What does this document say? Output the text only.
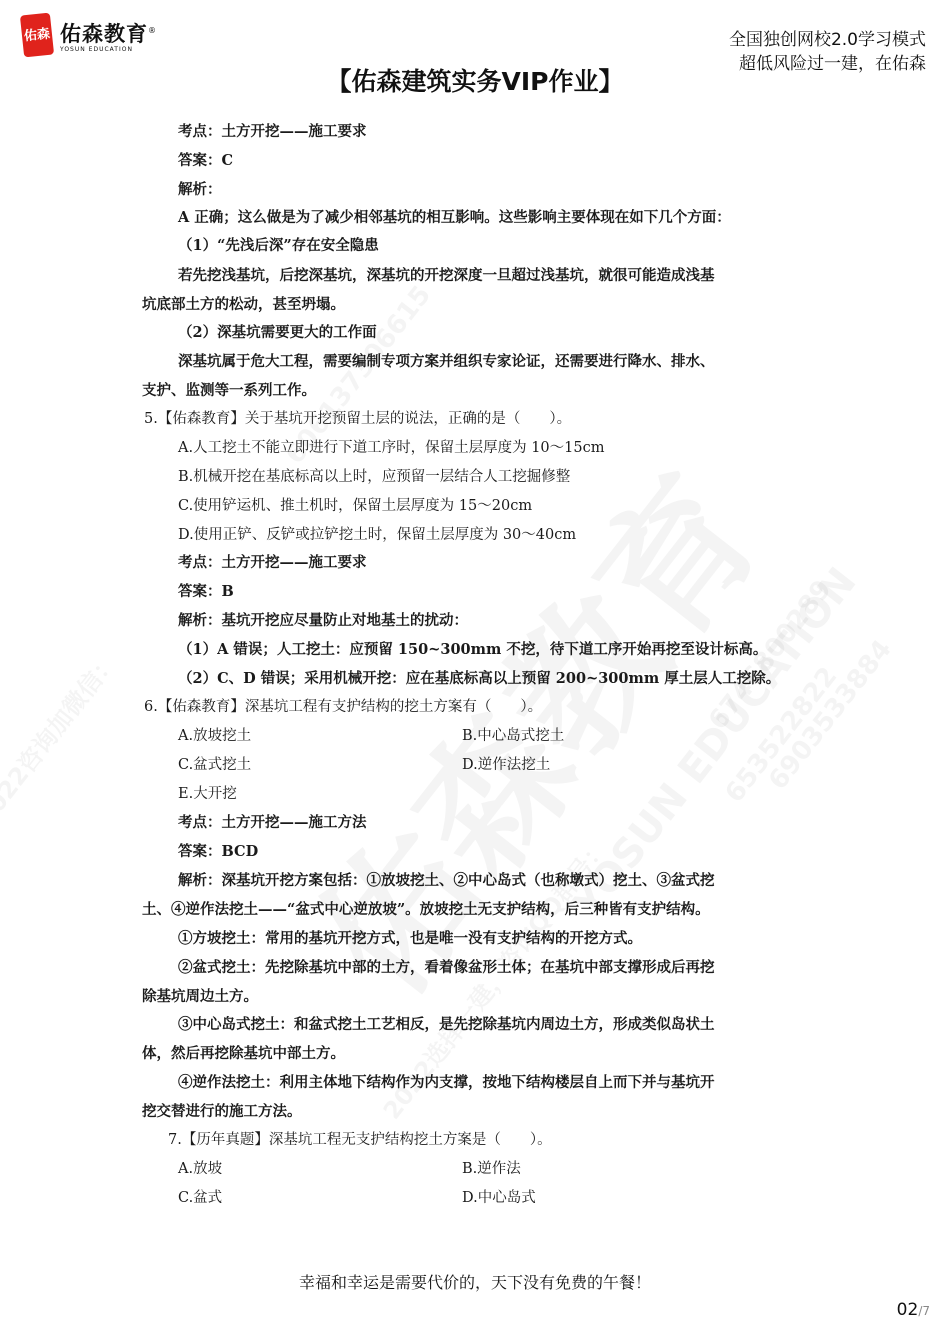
佑森 佑森教育®
YOSUN EDUCATION	全国独创网校2.0学习模式
超低风险过一建，在佑森
【佑森建筑实务VIP作业】
考点：土方开挖——施工要求
答案：C
解析：
A 正确；这么做是为了减少相邻基坑的相互影响。这些影响主要体现在如下几个方面：
（1）“先浅后深”存在安全隐患
若先挖浅基坑，后挖深基坑，深基坑的开挖深度一旦超过浅基坑，就很可能造成浅基
坑底部土方的松动，甚至坍塌。
（2）深基坑需要更大的工作面
深基坑属于危大工程，需要编制专项方案并组织专家论证，还需要进行降水、排水、
支护、监测等一系列工作。
5.【佑森教育】关于基坑开挖预留土层的说法，正确的是（　　）。
A.人工挖土不能立即进行下道工序时，保留土层厚度为 10～15cm
B.机械开挖在基底标高以上时，应预留一层结合人工挖掘修整
C.使用铲运机、推土机时，保留土层厚度为 15～20cm
D.使用正铲、反铲或拉铲挖土时，保留土层厚度为 30～40cm
考点：土方开挖——施工要求
答案：B
解析：基坑开挖应尽量防止对地基土的扰动：
（1）A 错误；人工挖土：应预留 150~300mm 不挖，待下道工序开始再挖至设计标高。
（2）C、D 错误；采用机械开挖：应在基底标高以上预留 200~300mm 厚土层人工挖除。
6.【佑森教育】深基坑工程有支护结构的挖土方案有（　　）。
A.放坡挖土	B.中心岛式挖土
C.盆式挖土	D.逆作法挖土
E.大开挖
考点：土方开挖——施工方法
答案：BCD
解析：深基坑开挖方案包括：①放坡挖土、②中心岛式（也称墩式）挖土、③盆式挖
土、④逆作法挖土——“盆式中心逆放坡”。放坡挖土无支护结构，后三种皆有支护结构。
①方坡挖土：常用的基坑开挖方式，也是唯一没有支护结构的开挖方式。
②盆式挖土：先挖除基坑中部的土方，看着像盆形土体；在基坑中部支撑形成后再挖
除基坑周边土方。
③中心岛式挖土：和盆式挖土工艺相反，是先挖除基坑内周边土方，形成类似岛状土
体，然后再挖除基坑中部土方。
④逆作法挖土：利用主体地下结构作为内支撑，按地下结构楼层自上而下并与基坑开
挖交替进行的施工方法。
7.【历年真题】深基坑工程无支护结构挖土方案是（　　）。
A.放坡	B.逆作法
C.盆式	D.中心岛式
幸福和幸运是需要代价的，天下没有免费的午餐！
02/7
